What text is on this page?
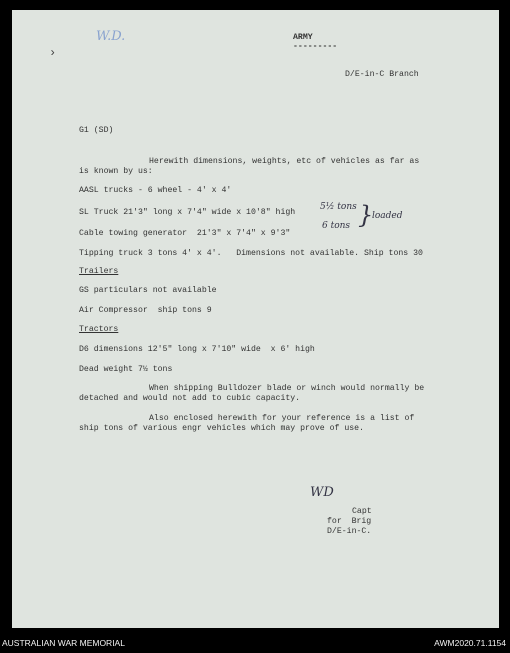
›
W.D.	ARMY
---------
D/E-in-C Branch
G1 (SD)
Herewith dimensions, weights, etc of vehicles as far as
is known by us:
AASL trucks - 6 wheel - 4' x 4'
SL Truck 21'3" long x 7'4" wide x 10'8" high
5½ tons
6 tons }
loaded
Cable towing generator  21'3" x 7'4" x 9'3"
Tipping truck 3 tons 4' x 4'.   Dimensions not available. Ship tons 30
Trailers
GS particulars not available
Air Compressor  ship tons 9
Tractors
D6 dimensions 12'5" long x 7'10" wide  x 6' high
Dead weight 7½ tons
When shipping Bulldozer blade or winch would normally be
detached and would not add to cubic capacity.
Also enclosed herewith for your reference is a list of
ship tons of various engr vehicles which may prove of use.
WD
Capt
for  Brig
D/E-in-C.
AUSTRALIAN WAR MEMORIAL	AWM2020.71.1154
